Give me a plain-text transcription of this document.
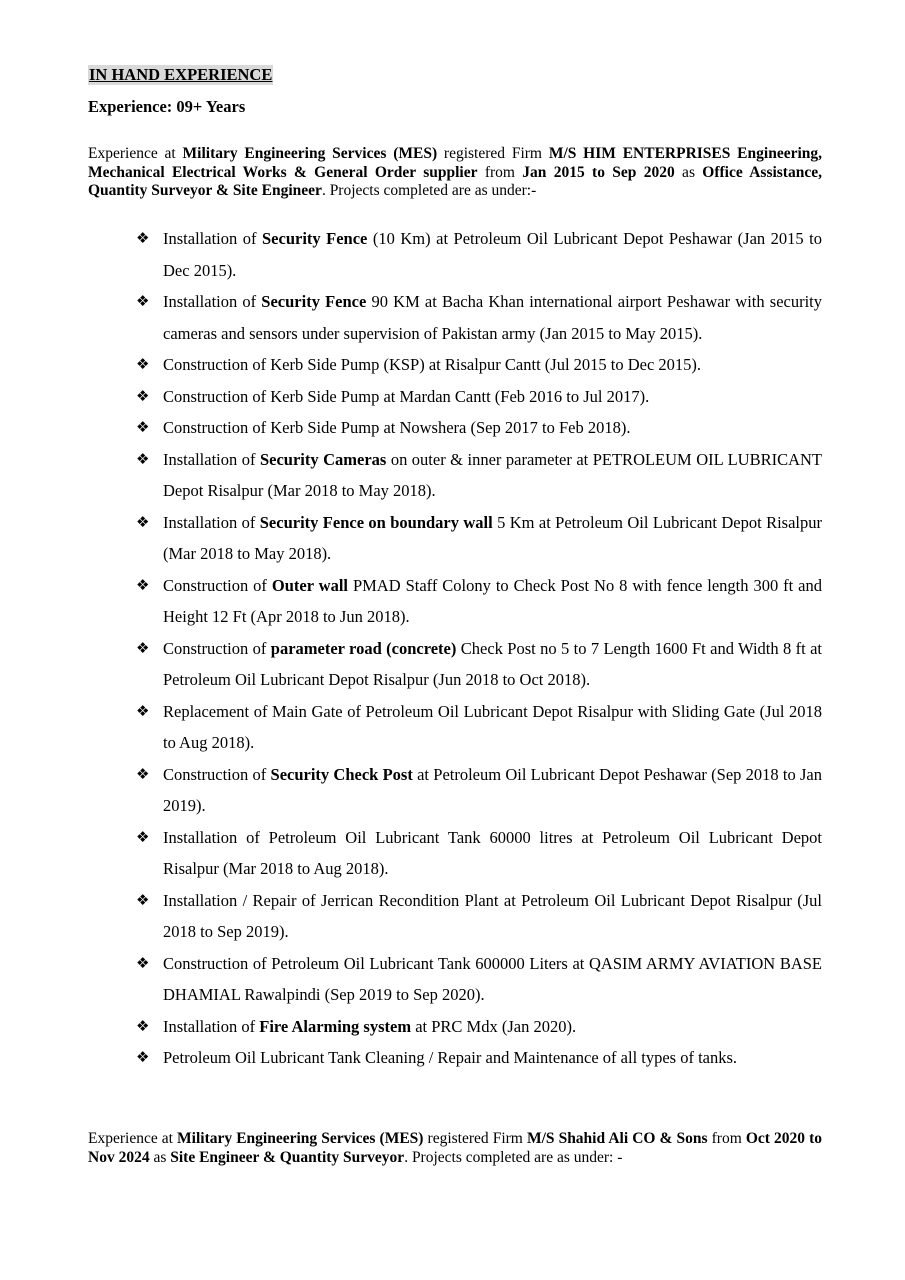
IN HAND EXPERIENCE
Experience: 09+ Years
Experience at Military Engineering Services (MES) registered Firm M/S HIM ENTERPRISES Engineering, Mechanical Electrical Works & General Order supplier from Jan 2015 to Sep 2020 as Office Assistance, Quantity Surveyor & Site Engineer. Projects completed are as under:-
❖ Installation of Security Fence (10 Km) at Petroleum Oil Lubricant Depot Peshawar (Jan 2015 to Dec 2015).
❖ Installation of Security Fence 90 KM at Bacha Khan international airport Peshawar with security cameras and sensors under supervision of Pakistan army (Jan 2015 to May 2015).
❖ Construction of Kerb Side Pump (KSP) at Risalpur Cantt (Jul 2015 to Dec 2015).
❖ Construction of Kerb Side Pump at Mardan Cantt (Feb 2016 to Jul 2017).
❖ Construction of Kerb Side Pump at Nowshera (Sep 2017 to Feb 2018).
❖ Installation of Security Cameras on outer & inner parameter at PETROLEUM OIL LUBRICANT Depot Risalpur (Mar 2018 to May 2018).
❖ Installation of Security Fence on boundary wall 5 Km at Petroleum Oil Lubricant Depot Risalpur (Mar 2018 to May 2018).
❖ Construction of Outer wall PMAD Staff Colony to Check Post No 8 with fence length 300 ft and Height 12 Ft (Apr 2018 to Jun 2018).
❖ Construction of parameter road (concrete) Check Post no 5 to 7 Length 1600 Ft and Width 8 ft at Petroleum Oil Lubricant Depot Risalpur (Jun 2018 to Oct 2018).
❖ Replacement of Main Gate of Petroleum Oil Lubricant Depot Risalpur with Sliding Gate (Jul 2018 to Aug 2018).
❖ Construction of Security Check Post at Petroleum Oil Lubricant Depot Peshawar (Sep 2018 to Jan 2019).
❖ Installation of Petroleum Oil Lubricant Tank 60000 litres at Petroleum Oil Lubricant Depot Risalpur (Mar 2018 to Aug 2018).
❖ Installation / Repair of Jerrican Recondition Plant at Petroleum Oil Lubricant Depot Risalpur (Jul 2018 to Sep 2019).
❖ Construction of Petroleum Oil Lubricant Tank 600000 Liters at QASIM ARMY AVIATION BASE DHAMIAL Rawalpindi (Sep 2019 to Sep 2020).
❖ Installation of Fire Alarming system at PRC Mdx (Jan 2020).
❖ Petroleum Oil Lubricant Tank Cleaning / Repair and Maintenance of all types of tanks.
Experience at Military Engineering Services (MES) registered Firm M/S Shahid Ali CO & Sons from Oct 2020 to Nov 2024 as Site Engineer & Quantity Surveyor. Projects completed are as under: -
